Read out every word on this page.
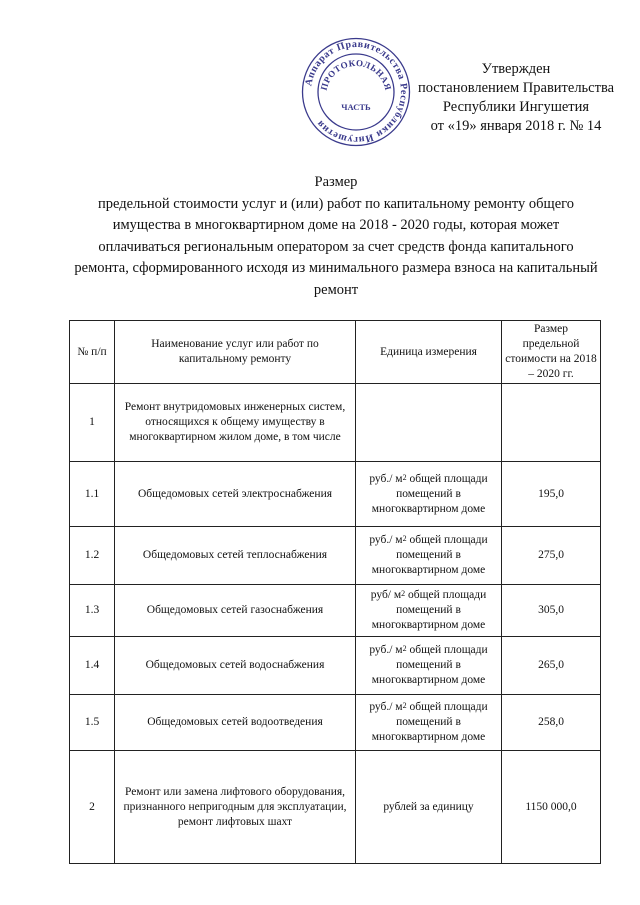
Утвержден
постановлением Правительства
Республики Ингушетия
от «19» января 2018 г. № 14
Аппарат Правительства Республики Ингушетия
ПРОТОКОЛЬНАЯ
ЧАСТЬ
Размер
предельной стоимости услуг и (или) работ по капитальному ремонту общего имущества в многоквартирном доме на 2018 - 2020 годы, которая может оплачиваться региональным оператором за счет средств фонда капитального ремонта, сформированного исходя из минимального размера взноса на капитальный ремонт
№ п/п	Наименование услуг или работ по капитальному ремонту	Единица измерения	Размер предельной стоимости на 2018 – 2020 гг.
1	Ремонт внутридомовых инженерных систем, относящихся к общему имуществу в многоквартирном жилом доме, в том числе		
1.1	Общедомовых сетей электроснабжения	руб./ $м^2$ общей площади помещений в многоквартирном доме	195,0
1.2	Общедомовых сетей теплоснабжения	руб./ $м^2$ общей площади помещений в многоквартирном доме	275,0
1.3	Общедомовых сетей газоснабжения	руб/ $м^2$ общей площади помещений в многоквартирном доме	305,0
1.4	Общедомовых сетей водоснабжения	руб./ $м^2$ общей площади помещений в многоквартирном доме	265,0
1.5	Общедомовых сетей водоотведения	руб./ $м^2$ общей площади помещений в многоквартирном доме	258,0
2	Ремонт или замена лифтового оборудования, признанного непригодным для эксплуатации, ремонт лифтовых шахт	рублей за единицу	1150 000,0
